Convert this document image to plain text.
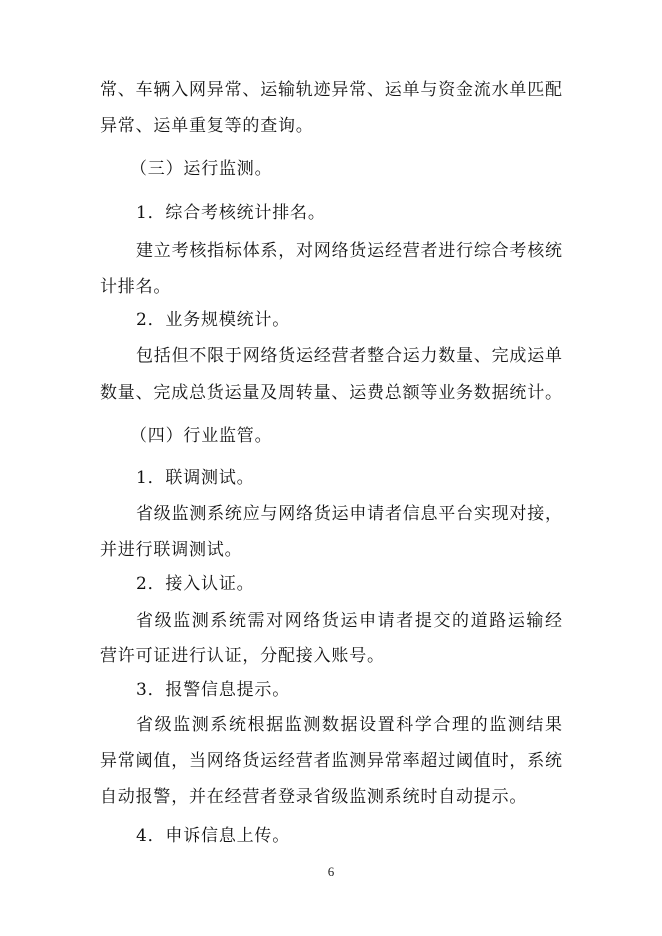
常、车辆入网异常、运输轨迹异常、运单与资金流水单匹配
异常、运单重复等的查询。
（三）运行监测。
1．综合考核统计排名。
建立考核指标体系，对网络货运经营者进行综合考核统
计排名。
2．业务规模统计。
包括但不限于网络货运经营者整合运力数量、完成运单
数量、完成总货运量及周转量、运费总额等业务数据统计。
（四）行业监管。
1．联调测试。
省级监测系统应与网络货运申请者信息平台实现对接，
并进行联调测试。
2．接入认证。
省级监测系统需对网络货运申请者提交的道路运输经
营许可证进行认证，分配接入账号。
3．报警信息提示。
省级监测系统根据监测数据设置科学合理的监测结果
异常阈值，当网络货运经营者监测异常率超过阈值时，系统
自动报警，并在经营者登录省级监测系统时自动提示。
4．申诉信息上传。
6
